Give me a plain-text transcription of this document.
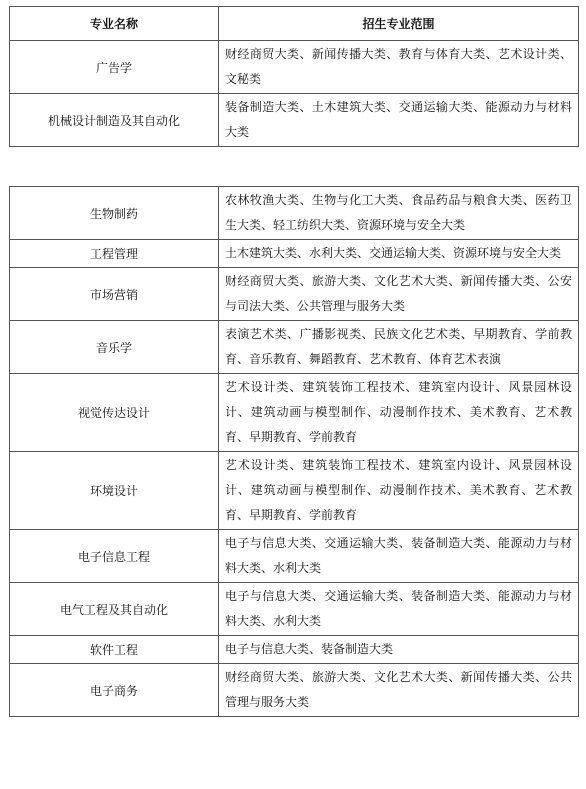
专业名称	招生专业范围
广告学	财经商贸大类、新闻传播大类、教育与体育大类、艺术设计类、文秘类
机械设计制造及其自动化	装备制造大类、土木建筑大类、交通运输大类、能源动力与材料大类
生物制药	农林牧渔大类、生物与化工大类、食品药品与粮食大类、医药卫生大类、轻工纺织大类、资源环境与安全大类
工程管理	土木建筑大类、水利大类、交通运输大类、资源环境与安全大类
市场营销	财经商贸大类、旅游大类、文化艺术大类、新闻传播大类、公安与司法大类、公共管理与服务大类
音乐学	表演艺术类、广播影视类、民族文化艺术类、早期教育、学前教育、音乐教育、舞蹈教育、艺术教育、体育艺术表演
视觉传达设计	艺术设计类、建筑装饰工程技术、建筑室内设计、风景园林设计、建筑动画与模型制作、动漫制作技术、美术教育、艺术教育、早期教育、学前教育
环境设计	艺术设计类、建筑装饰工程技术、建筑室内设计、风景园林设计、建筑动画与模型制作、动漫制作技术、美术教育、艺术教育、早期教育、学前教育
电子信息工程	电子与信息大类、交通运输大类、装备制造大类、能源动力与材料大类、水利大类
电气工程及其自动化	电子与信息大类、交通运输大类、装备制造大类、能源动力与材料大类、水利大类
软件工程	电子与信息大类、装备制造大类
电子商务	财经商贸大类、旅游大类、文化艺术大类、新闻传播大类、公共管理与服务大类
